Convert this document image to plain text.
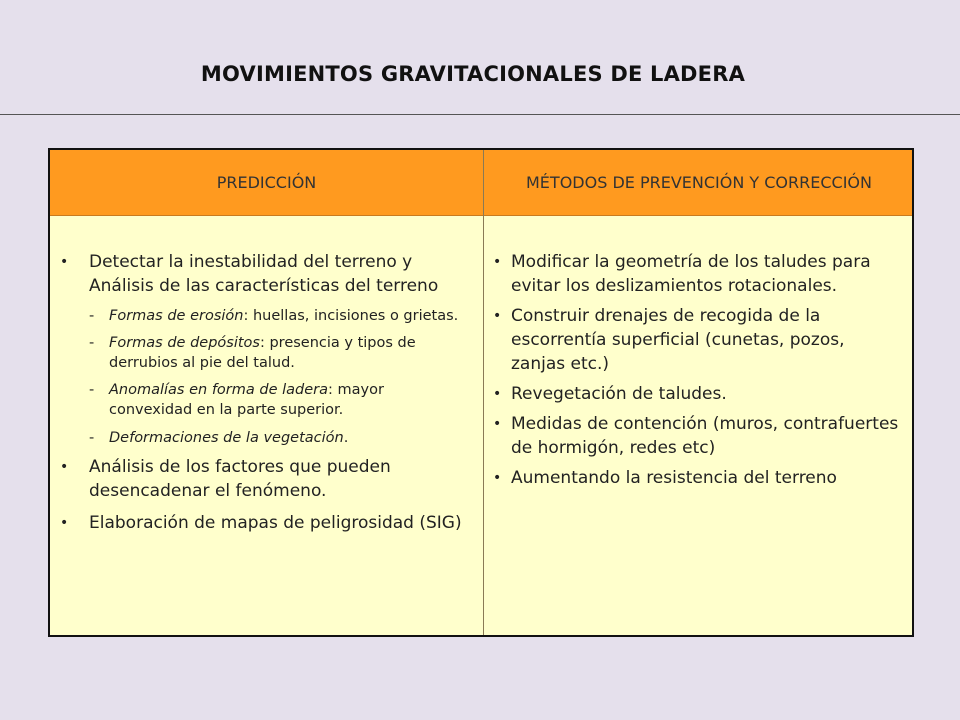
MOVIMIENTOS GRAVITACIONALES DE LADERA
PREDICCIÓN	MÉTODOS DE PREVENCIÓN Y CORRECCIÓN
• Detectar la inestabilidad del terreno y Análisis de las características del terreno
- Formas de erosión: huellas, incisiones o grietas.
- Formas de depósitos: presencia y tipos de derrubios al pie del talud.
- Anomalías en forma de ladera: mayor convexidad en la parte superior.
- Deformaciones de la vegetación.
• Análisis de los factores que pueden desencadenar el fenómeno.
• Elaboración de mapas de peligrosidad (SIG)
• Modificar la geometría de los taludes para evitar los deslizamientos rotacionales.
• Construir drenajes de recogida de la escorrentía superficial (cunetas, pozos, zanjas etc.)
• Revegetación de taludes.
• Medidas de contención (muros, contrafuertes de hormigón, redes etc)
• Aumentando la resistencia del terreno
